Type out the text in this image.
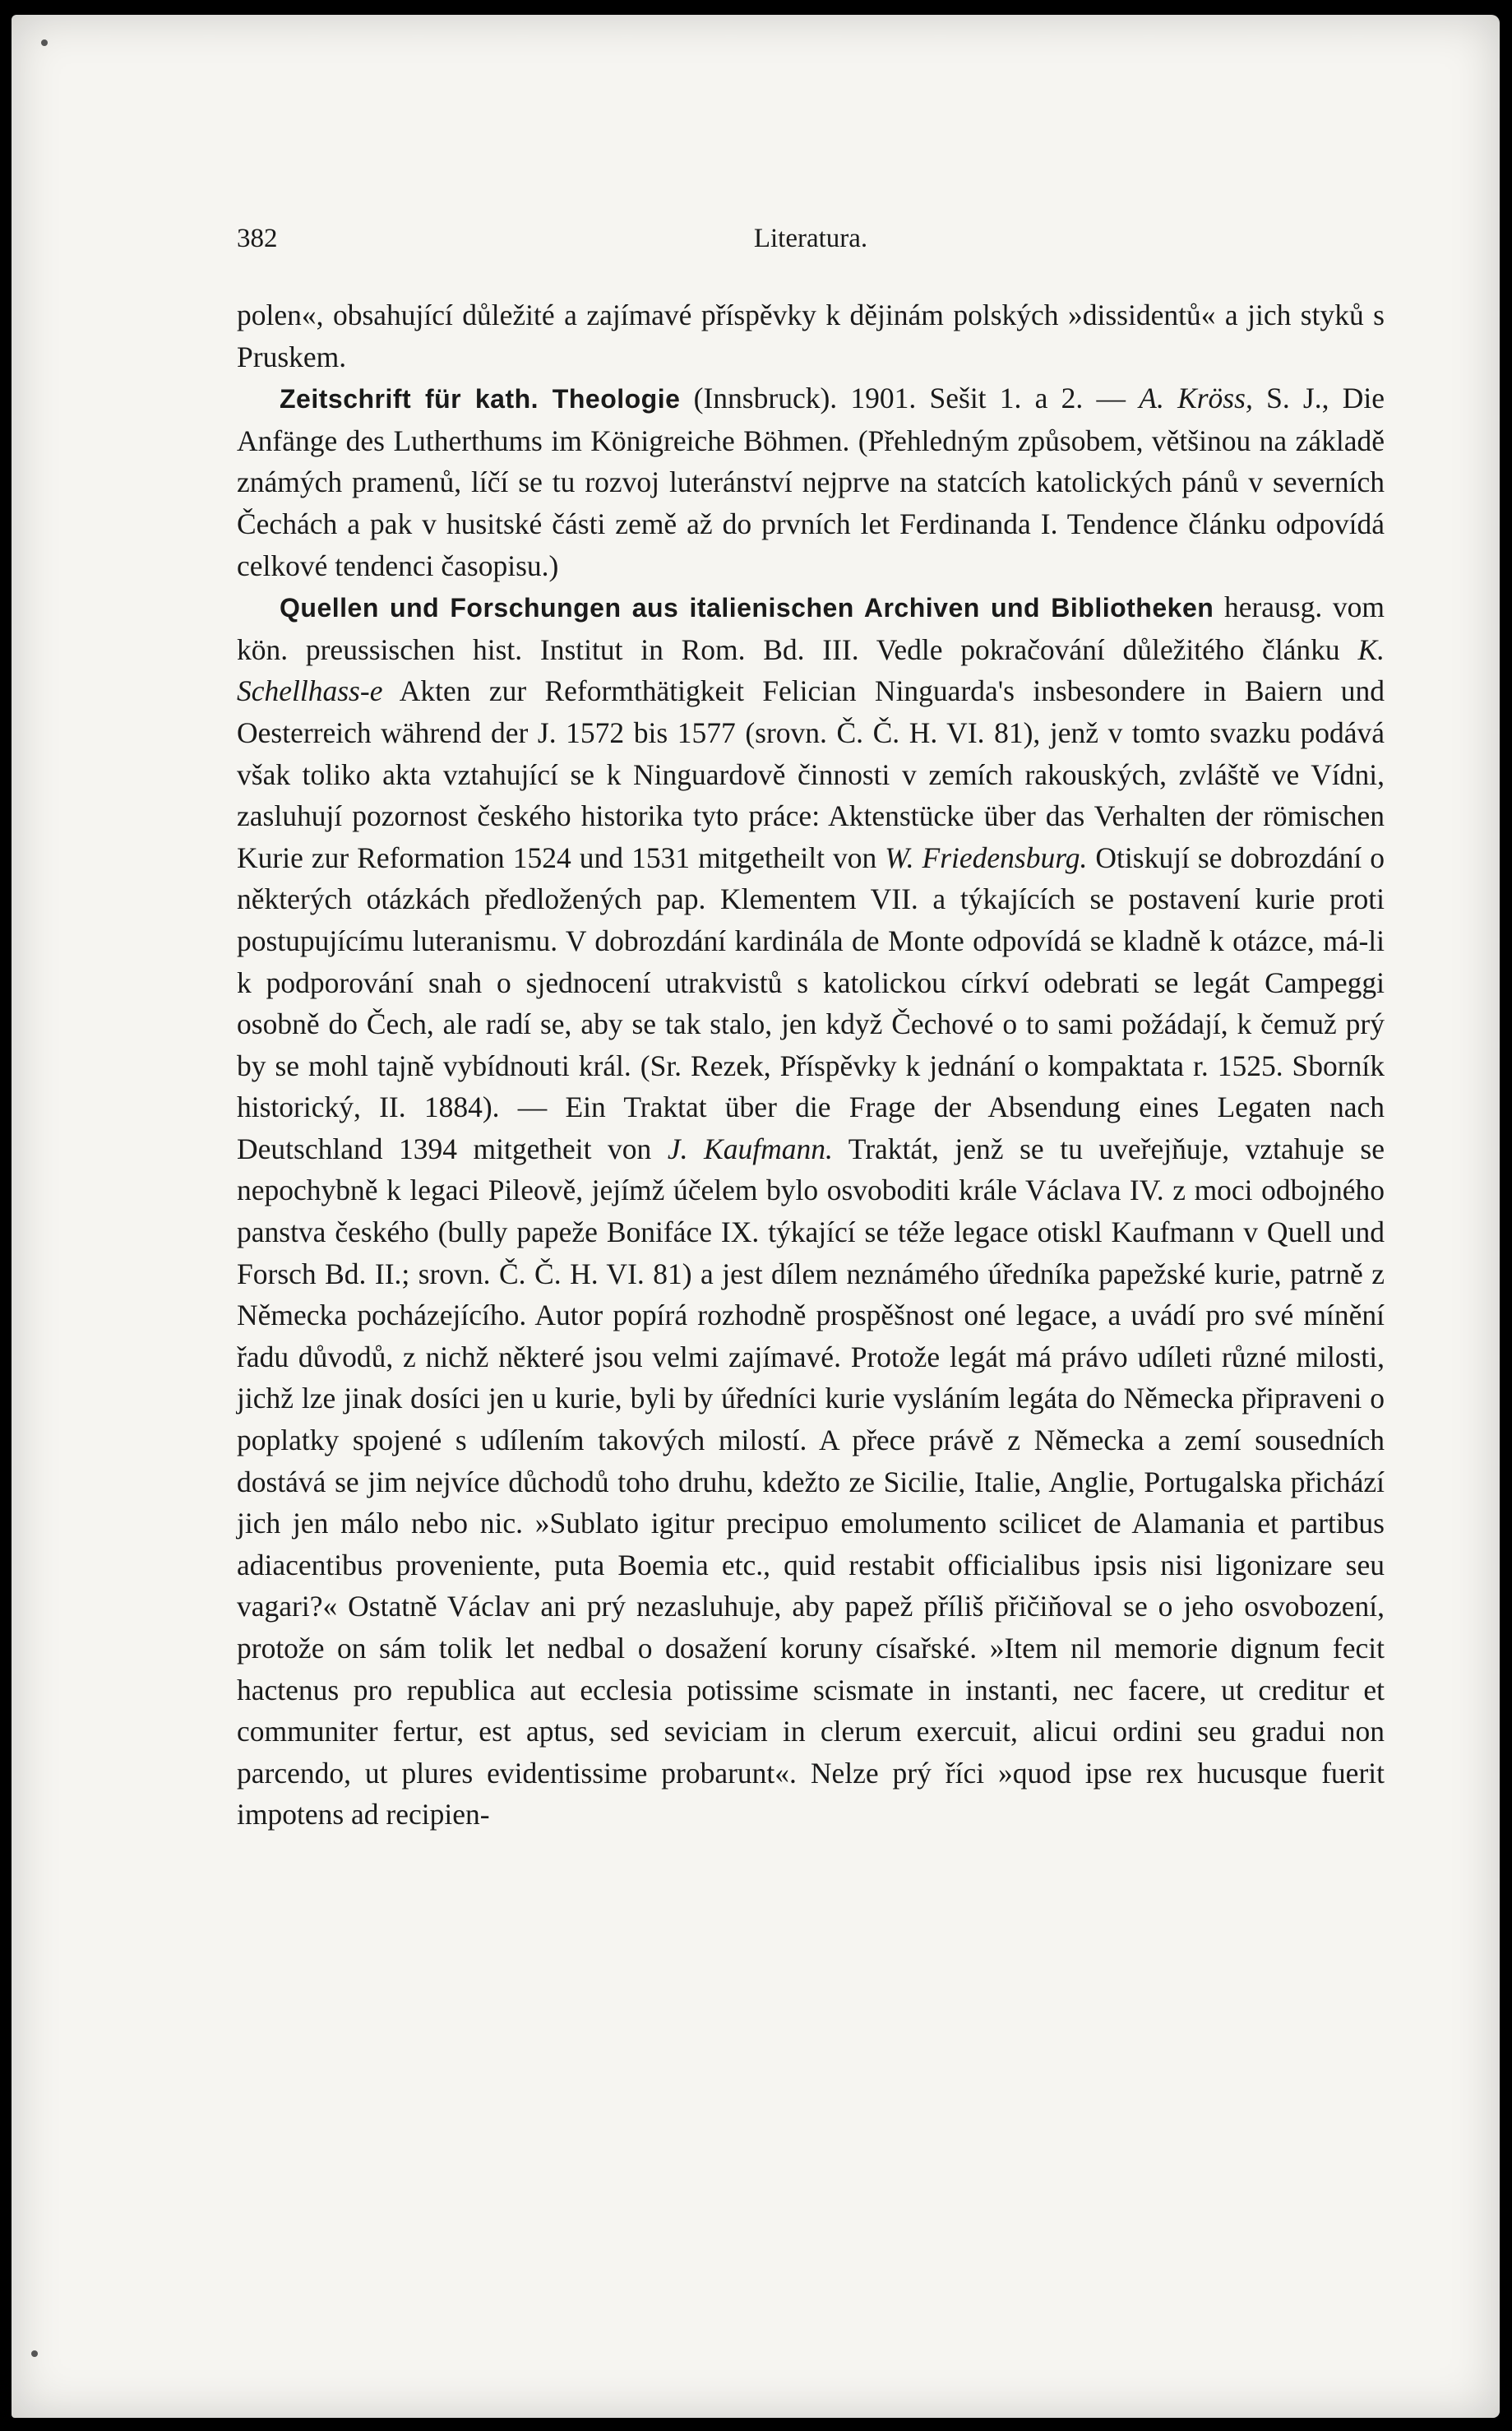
382	Literatura.

polen«, obsahující důležité a zajímavé příspěvky k dějinám polských »dissidentů« a jich styků s Pruskem.

Zeitschrift für kath. Theologie (Innsbruck). 1901. Sešit 1. a 2. — A. Kröss, S. J., Die Anfänge des Lutherthums im Königreiche Böhmen. (Přehledným způsobem, většinou na základě známých pramenů, líčí se tu rozvoj luteránství nejprve na statcích katolických pánů v severních Čechách a pak v husitské části země až do prvních let Ferdinanda I. Tendence článku odpovídá celkové tendenci časopisu.)

Quellen und Forschungen aus italienischen Archiven und Bibliotheken herausg. vom kön. preussischen hist. Institut in Rom. Bd. III. Vedle pokračování důležitého článku K. Schellhass-e Akten zur Reformthätigkeit Felician Ninguarda's insbesondere in Baiern und Oesterreich während der J. 1572 bis 1577 (srovn. Č. Č. H. VI. 81), jenž v tomto svazku podává však toliko akta vztahující se k Ninguardově činnosti v zemích rakouských, zvláště ve Vídni, zasluhují pozornost českého historika tyto práce: Aktenstücke über das Verhalten der römischen Kurie zur Reformation 1524 und 1531 mitgetheilt von W. Friedensburg. Otiskují se dobrozdání o některých otázkách předložených pap. Klementem VII. a týkajících se postavení kurie proti postupujícímu luteranismu. V dobrozdání kardinála de Monte odpovídá se kladně k otázce, má-li k podporování snah o sjednocení utrakvistů s katolickou církví odebrati se legát Campeggi osobně do Čech, ale radí se, aby se tak stalo, jen když Čechové o to sami požádají, k čemuž prý by se mohl tajně vybídnouti král. (Sr. Rezek, Příspěvky k jednání o kompaktata r. 1525. Sborník historický, II. 1884). — Ein Traktat über die Frage der Absendung eines Legaten nach Deutschland 1394 mitgetheit von J. Kaufmann. Traktát, jenž se tu uveřejňuje, vztahuje se nepochybně k legaci Pileově, jejímž účelem bylo osvoboditi krále Václava IV. z moci odbojného panstva českého (bully papeže Bonifáce IX. týkající se téže legace otiskl Kaufmann v Quell und Forsch Bd. II.; srovn. Č. Č. H. VI. 81) a jest dílem neznámého úředníka papežské kurie, patrně z Německa pocházejícího. Autor popírá rozhodně prospěšnost oné legace, a uvádí pro své mínění řadu důvodů, z nichž některé jsou velmi zajímavé. Protože legát má právo udíleti různé milosti, jichž lze jinak dosíci jen u kurie, byli by úředníci kurie vysláním legáta do Německa připraveni o poplatky spojené s udílením takových milostí. A přece právě z Německa a zemí sousedních dostává se jim nejvíce důchodů toho druhu, kdežto ze Sicilie, Italie, Anglie, Portugalska přichází jich jen málo nebo nic. »Sublato igitur precipuo emolumento scilicet de Alamania et partibus adiacentibus proveniente, puta Boemia etc., quid restabit officialibus ipsis nisi ligonizare seu vagari?« Ostatně Václav ani prý nezasluhuje, aby papež příliš přičiňoval se o jeho osvobození, protože on sám tolik let nedbal o dosažení koruny císařské. »Item nil memorie dignum fecit hactenus pro republica aut ecclesia potissime scismate in instanti, nec facere, ut creditur et communiter fertur, est aptus, sed seviciam in clerum exercuit, alicui ordini seu gradui non parcendo, ut plures evidentissime probarunt«. Nelze prý říci »quod ipse rex hucusque fuerit impotens ad recipien-
